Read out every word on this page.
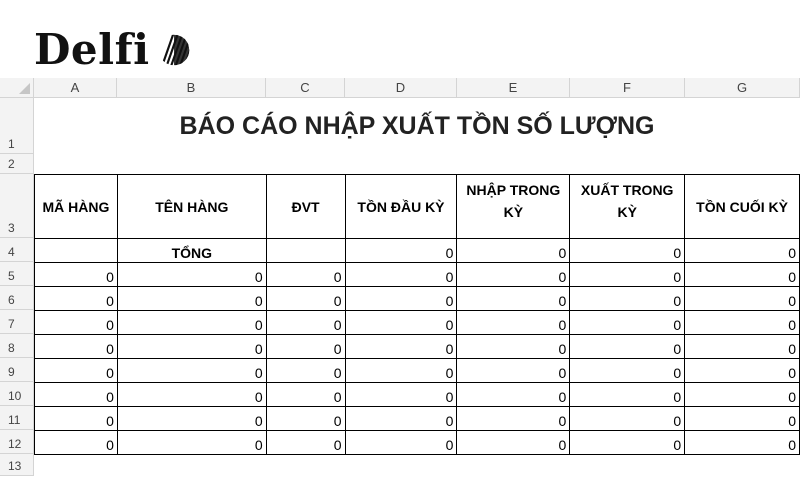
Delfi
A	B	C	D	E	F	G
1
2
3
4
5
6
7
8
9
10
11
12
13
BÁO CÁO NHẬP XUẤT TỒN SỐ LƯỢNG
MÃ HÀNG	TÊN HÀNG	ĐVT	TỒN ĐẦU KỲ	NHẬP TRONG KỲ	XUẤT TRONG KỲ	TỒN CUỐI KỲ
	TỔNG		0	0	0	0
0	0	0	0	0	0	0
0	0	0	0	0	0	0
0	0	0	0	0	0	0
0	0	0	0	0	0	0
0	0	0	0	0	0	0
0	0	0	0	0	0	0
0	0	0	0	0	0	0
0	0	0	0	0	0	0
